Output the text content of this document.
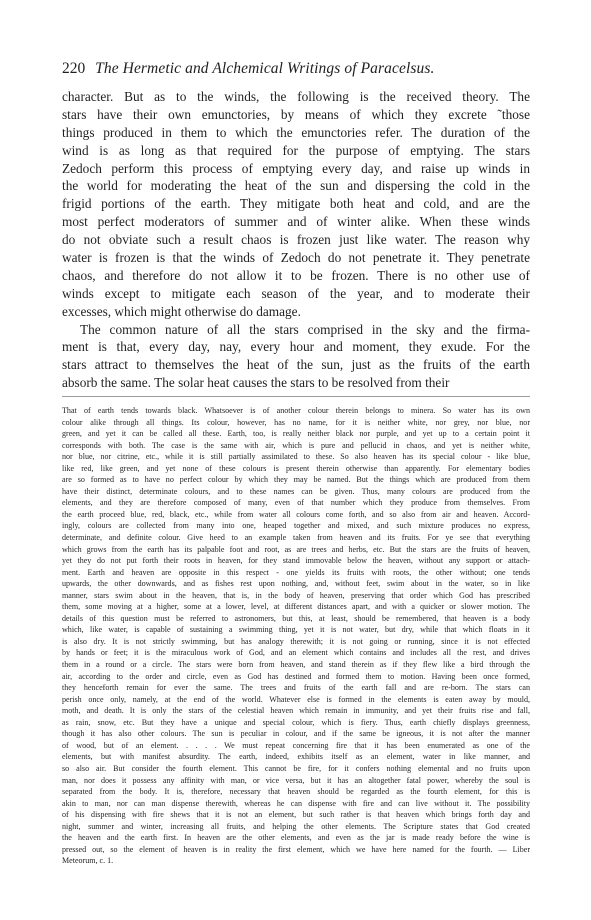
220 The Hermetic and Alchemical Writings of Paracelsus.
character. But as to the winds, the following is the received theory. The
stars have their own emunctories, by means of which they excrete ˜those
things produced in them to which the emunctories refer. The duration of the
wind is as long as that required for the purpose of emptying. The stars
Zedoch perform this process of emptying every day, and raise up winds in
the world for moderating the heat of the sun and dispersing the cold in the
frigid portions of the earth. They mitigate both heat and cold, and are the
most perfect moderators of summer and of winter alike. When these winds
do not obviate such a result chaos is frozen just like water. The reason why
water is frozen is that the winds of Zedoch do not penetrate it. They penetrate
chaos, and therefore do not allow it to be frozen. There is no other use of
winds except to mitigate each season of the year, and to moderate their
excesses, which might otherwise do damage.
The common nature of all the stars comprised in the sky and the firma-
ment is that, every day, nay, every hour and moment, they exude. For the
stars attract to themselves the heat of the sun, just as the fruits of the earth
absorb the same. The solar heat causes the stars to be resolved from their
That of earth tends towards black. Whatsoever is of another colour therein belongs to minera. So water has its own
colour alike through all things. Its colour, however, has no name, for it is neither white, nor grey, nor blue, nor
green, and yet it can be called all these. Earth, too, is really neither black nor purple, and yet up to a certain point it
corresponds with both. The case is the same with air, which is pure and pellucid in chaos, and yet is neither white,
nor blue, nor citrine, etc., while it is still partially assimilated to these. So also heaven has its special colour - like blue,
like red, like green, and yet none of these colours is present therein otherwise than apparently. For elementary bodies
are so formed as to have no perfect colour by which they may be named. But the things which are produced from them
have their distinct, determinate colours, and to these names can be given. Thus, many colours are produced from the
elements, and they are therefore composed of many, even of that number which they produce from themselves. From
the earth proceed blue, red, black, etc., while from water all colours come forth, and so also from air and heaven. Accord-
ingly, colours are collected from many into one, heaped together and mixed, and such mixture produces no express,
determinate, and definite colour. Give heed to an example taken from heaven and its fruits. For ye see that everything
which grows from the earth has its palpable foot and root, as are trees and herbs, etc. But the stars are the fruits of heaven,
yet they do not put forth their roots in heaven, for they stand immovable below the heaven, without any support or attach-
ment. Earth and heaven are opposite in this respect - one yields its fruits with roots, the other without; one tends
upwards, the other downwards, and as fishes rest upon nothing, and, without feet, swim about in the water, so in like
manner, stars swim about in the heaven, that is, in the body of heaven, preserving that order which God has prescribed
them, some moving at a higher, some at a lower, level, at different distances apart, and with a quicker or slower motion. The
details of this question must be referred to astronomers, but this, at least, should be remembered, that heaven is a body
which, like water, is capable of sustaining a swimming thing, yet it is not water, but dry, while that which floats in it
is also dry. It is not strictly swimming, but has analogy therewith; it is not going or running, since it is not effected
by hands or feet; it is the miraculous work of God, and an element which contains and includes all the rest, and drives
them in a round or a circle. The stars were born from heaven, and stand therein as if they flew like a bird through the
air, according to the order and circle, even as God has destined and formed them to motion. Having been once formed,
they henceforth remain for ever the same. The trees and fruits of the earth fall and are re-born. The stars can
perish once only, namely, at the end of the world. Whatever else is formed in the elements is eaten away by mould,
moth, and death. It is only the stars of the celestial heaven which remain in immunity, and yet their fruits rise and fall,
as rain, snow, etc. But they have a unique and special colour, which is fiery. Thus, earth chiefly displays greenness,
though it has also other colours. The sun is peculiar in colour, and if the same be igneous, it is not after the manner
of wood, but of an element. . . . . We must repeat concerning fire that it has been enumerated as one of the
elements, but with manifest absurdity. The earth, indeed, exhibits itself as an element, water in like manner, and
so also air. But consider the fourth element. This cannot be fire, for it confers nothing elemental and no fruits upon
man, nor does it possess any affinity with man, or vice versa, but it has an altogether fatal power, whereby the soul is
separated from the body. It is, therefore, necessary that heaven should be regarded as the fourth element, for this is
akin to man, nor can man dispense therewith, whereas he can dispense with fire and can live without it. The possibility
of his dispensing with fire shews that it is not an element, but such rather is that heaven which brings forth day and
night, summer and winter, increasing all fruits, and helping the other elements. The Scripture states that God created
the heaven and the earth first. In heaven are the other elements, and even as the jar is made ready before the wine is
pressed out, so the element of heaven is in reality the first element, which we have here named for the fourth. — Liber
Meteorum, c. 1.
